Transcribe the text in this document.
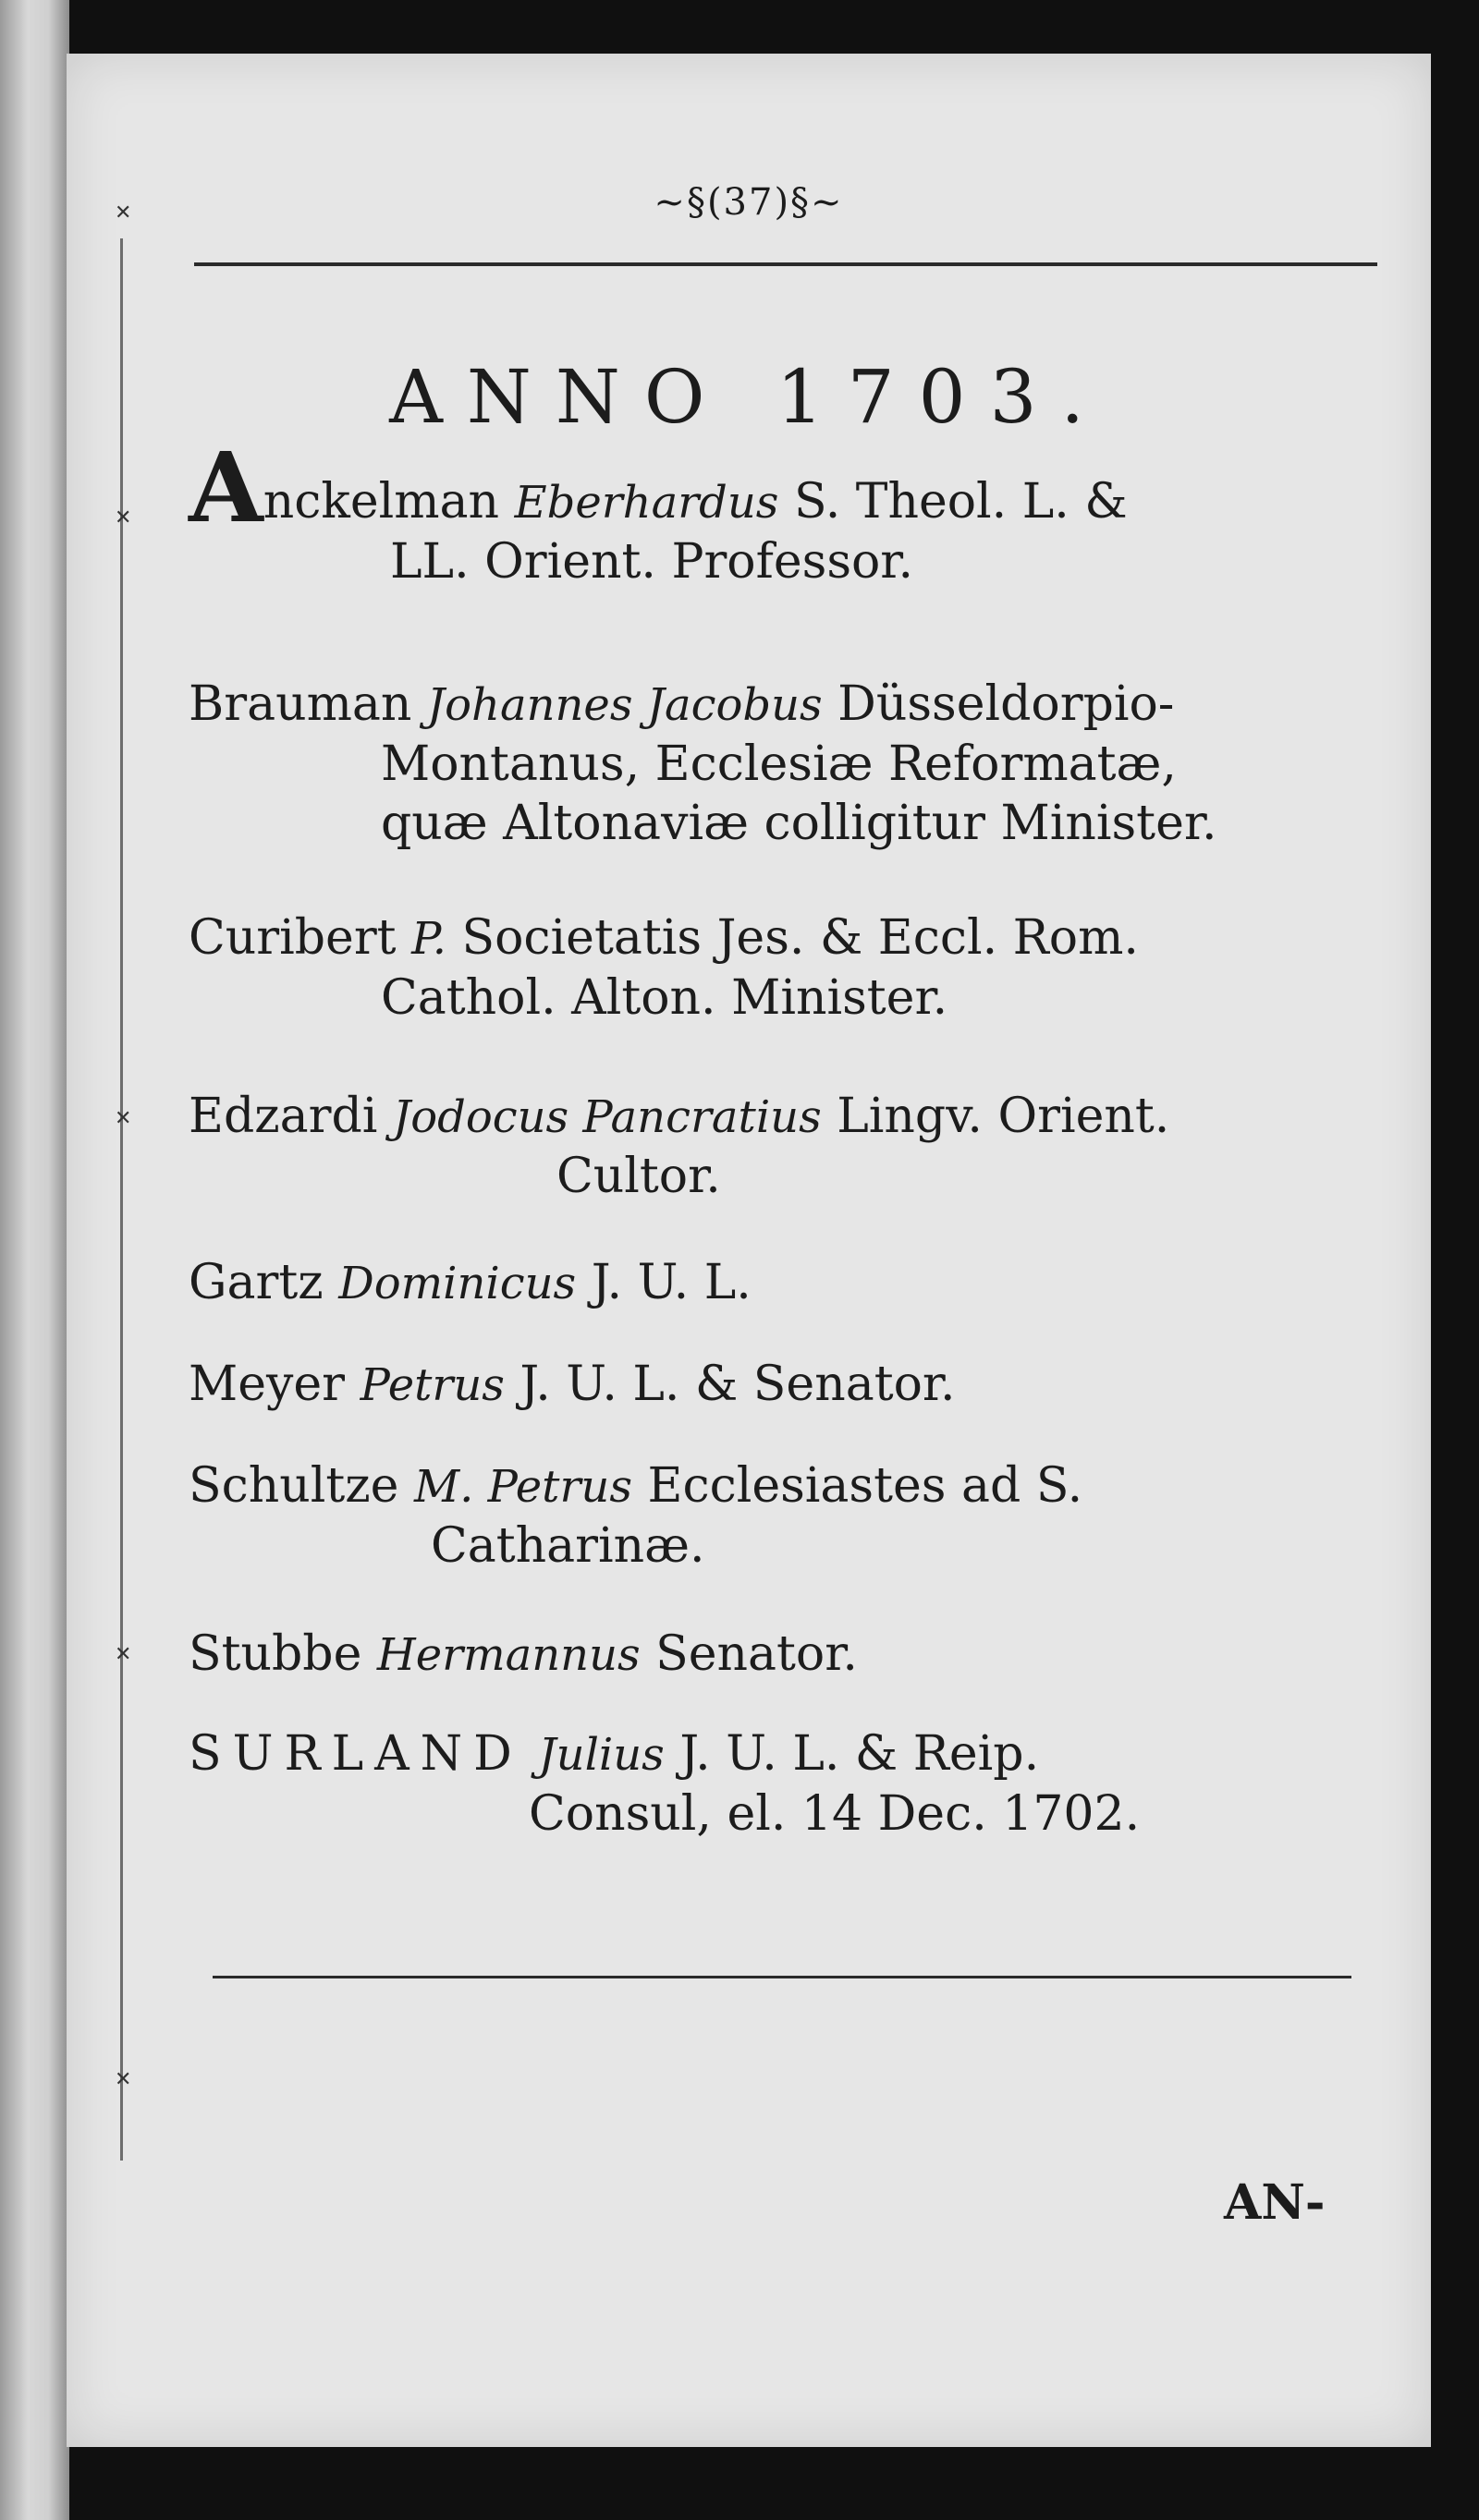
✕
✕
✕
✕
✕
~§(37)§~
ANNO 1703.
Anckelman Eberhardus S. Theol. L. &
LL. Orient. Professor.
Brauman Johannes Jacobus Düsseldorpio-
Montanus, Ecclesiæ Reformatæ,
quæ Altonaviæ colligitur Minister.
Curibert P. Societatis Jes. & Eccl. Rom.
Cathol. Alton. Minister.
Edzardi Jodocus Pancratius Lingv. Orient.
Cultor.
Gartz Dominicus J. U. L.
Meyer Petrus J. U. L. & Senator.
Schultze M. Petrus Ecclesiastes ad S.
Catharinæ.
Stubbe Hermannus Senator.
SURLAND Julius J. U. L. & Reip.
Consul, el. 14 Dec. 1702.
AN-
